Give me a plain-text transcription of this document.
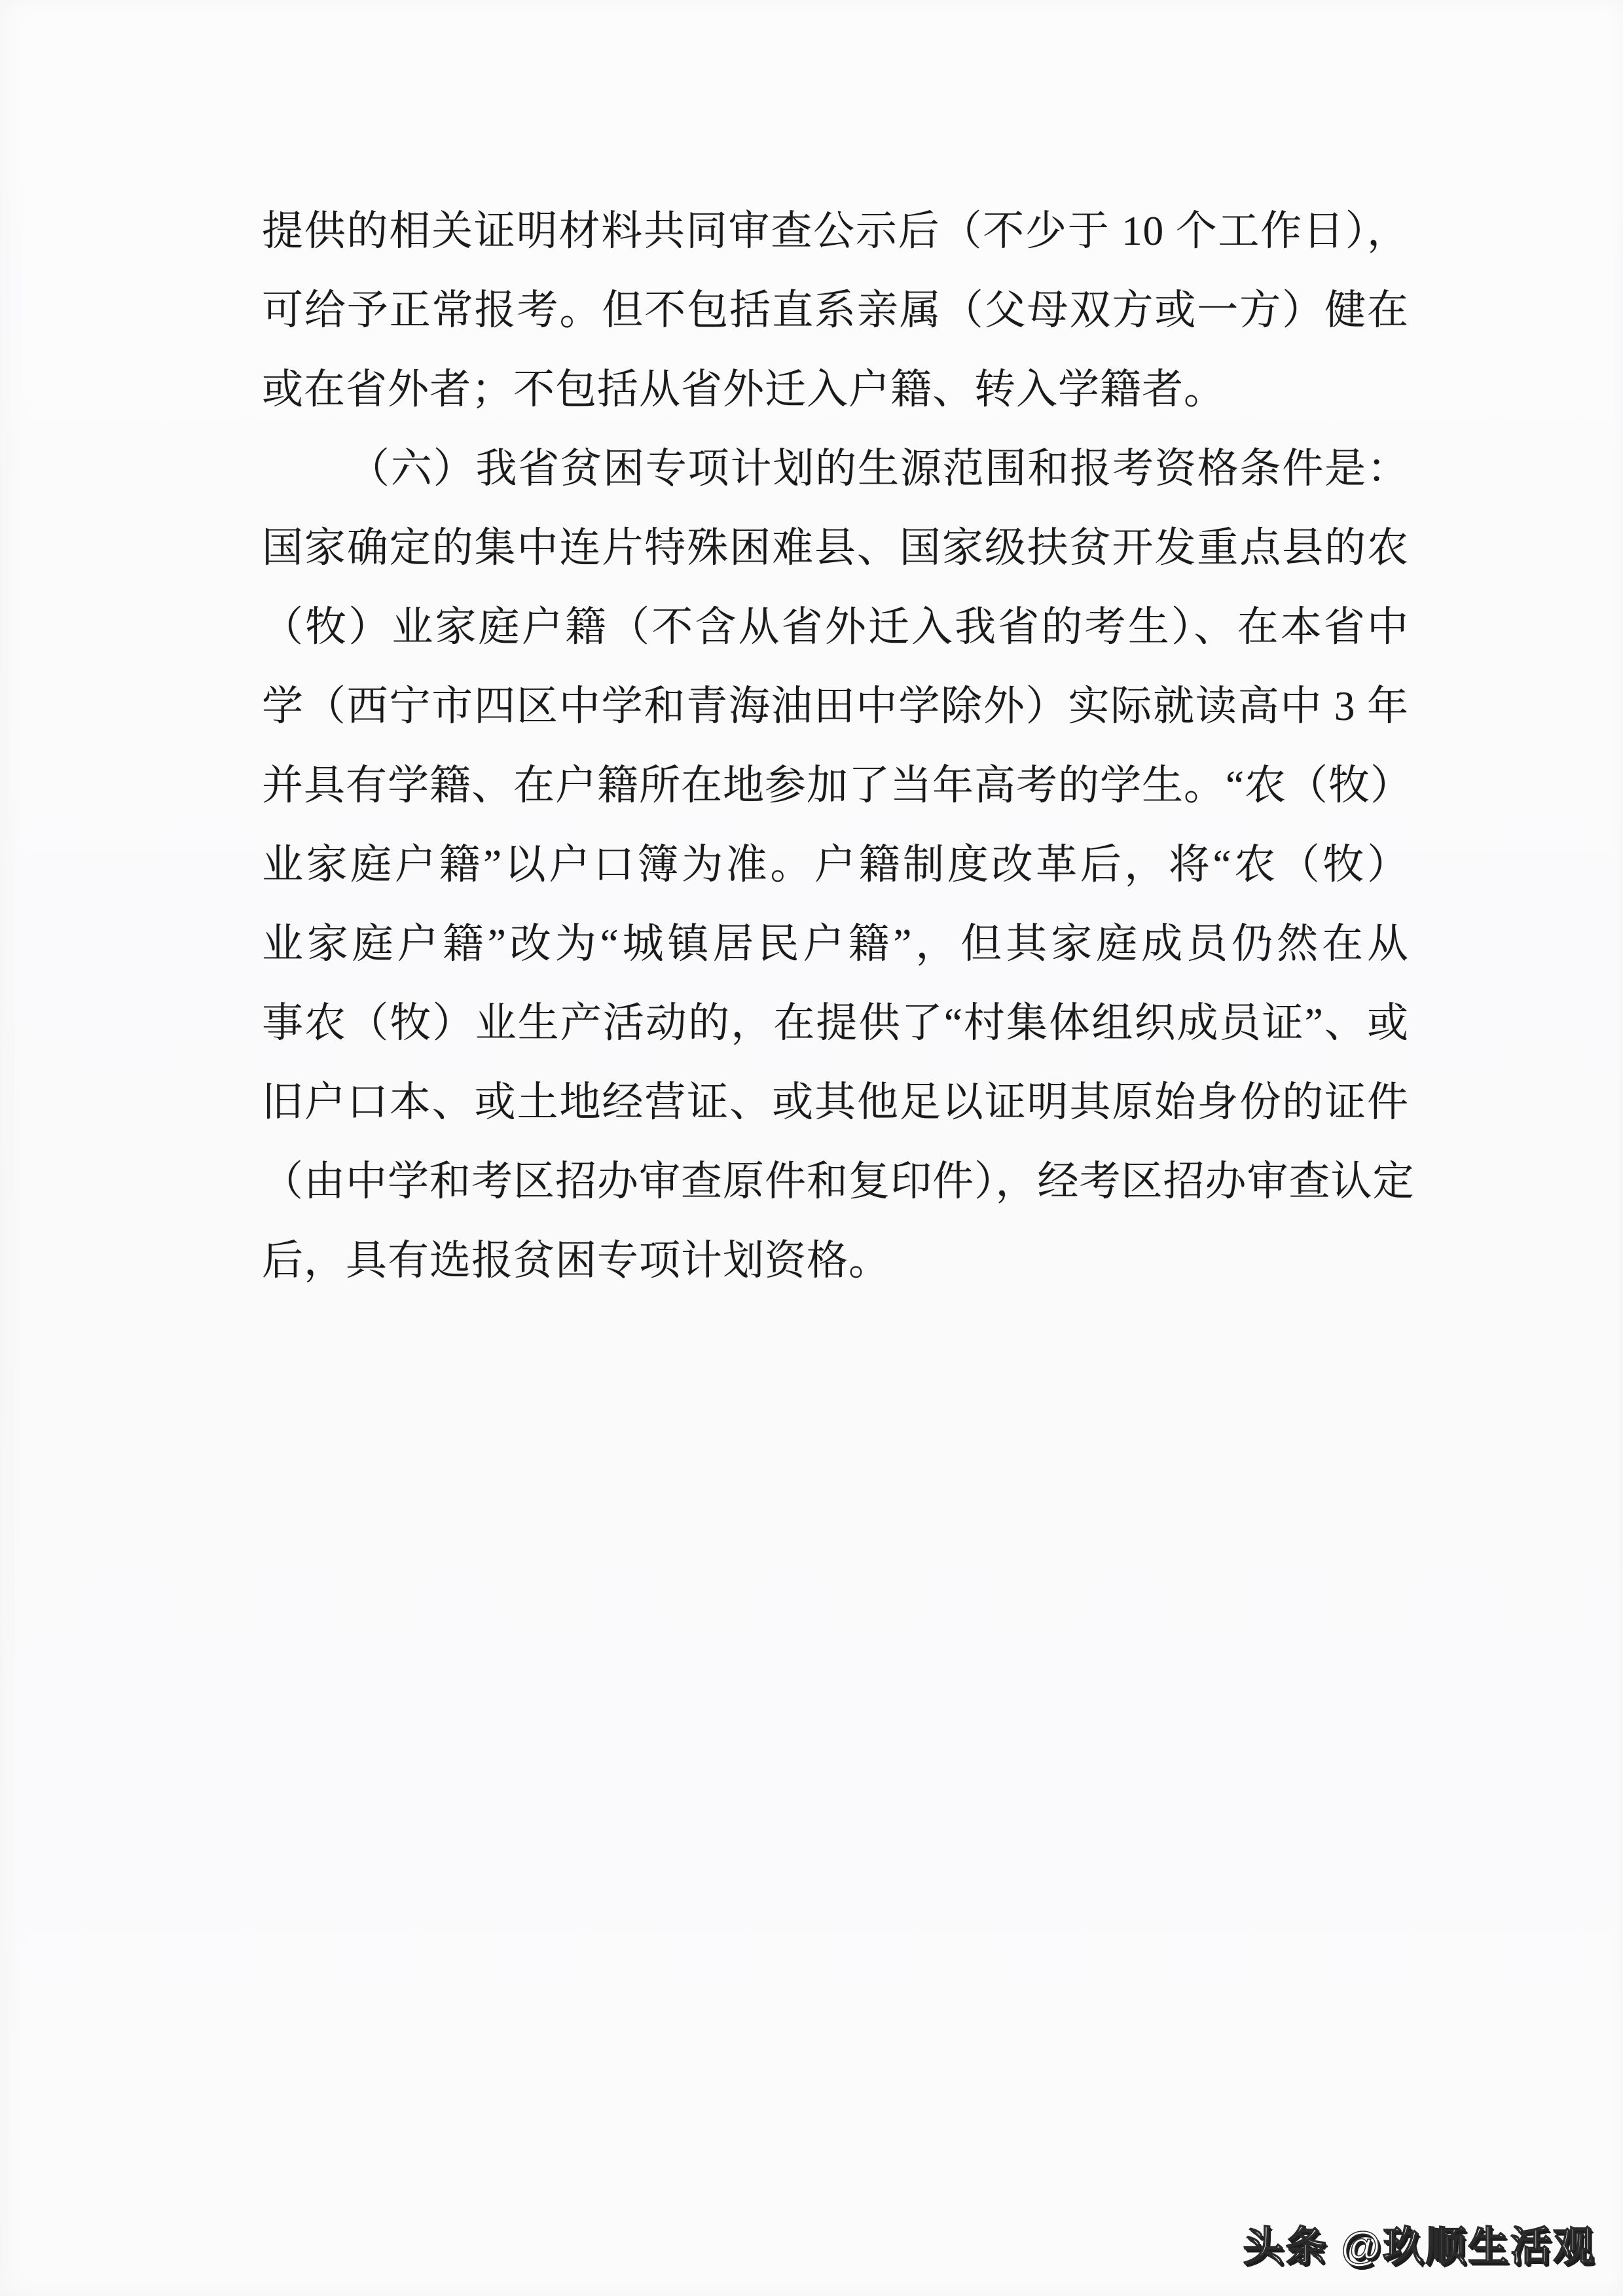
提供的相关证明材料共同审查公示后（不少于 10 个工作日），
可给予正常报考。但不包括直系亲属（父母双方或一方）健在
或在省外者；不包括从省外迁入户籍、转入学籍者。
（六）我省贫困专项计划的生源范围和报考资格条件是：
国家确定的集中连片特殊困难县、国家级扶贫开发重点县的农
（牧）业家庭户籍（不含从省外迁入我省的考生）、在本省中
学（西宁市四区中学和青海油田中学除外）实际就读高中 3 年
并具有学籍、在户籍所在地参加了当年高考的学生。“农（牧）
业家庭户籍”以户口簿为准。户籍制度改革后，将“农（牧）
业家庭户籍”改为“城镇居民户籍”，但其家庭成员仍然在从
事农（牧）业生产活动的，在提供了“村集体组织成员证”、或
旧户口本、或土地经营证、或其他足以证明其原始身份的证件
（由中学和考区招办审查原件和复印件），经考区招办审查认定
后，具有选报贫困专项计划资格。
头条 @玖顺生活观
